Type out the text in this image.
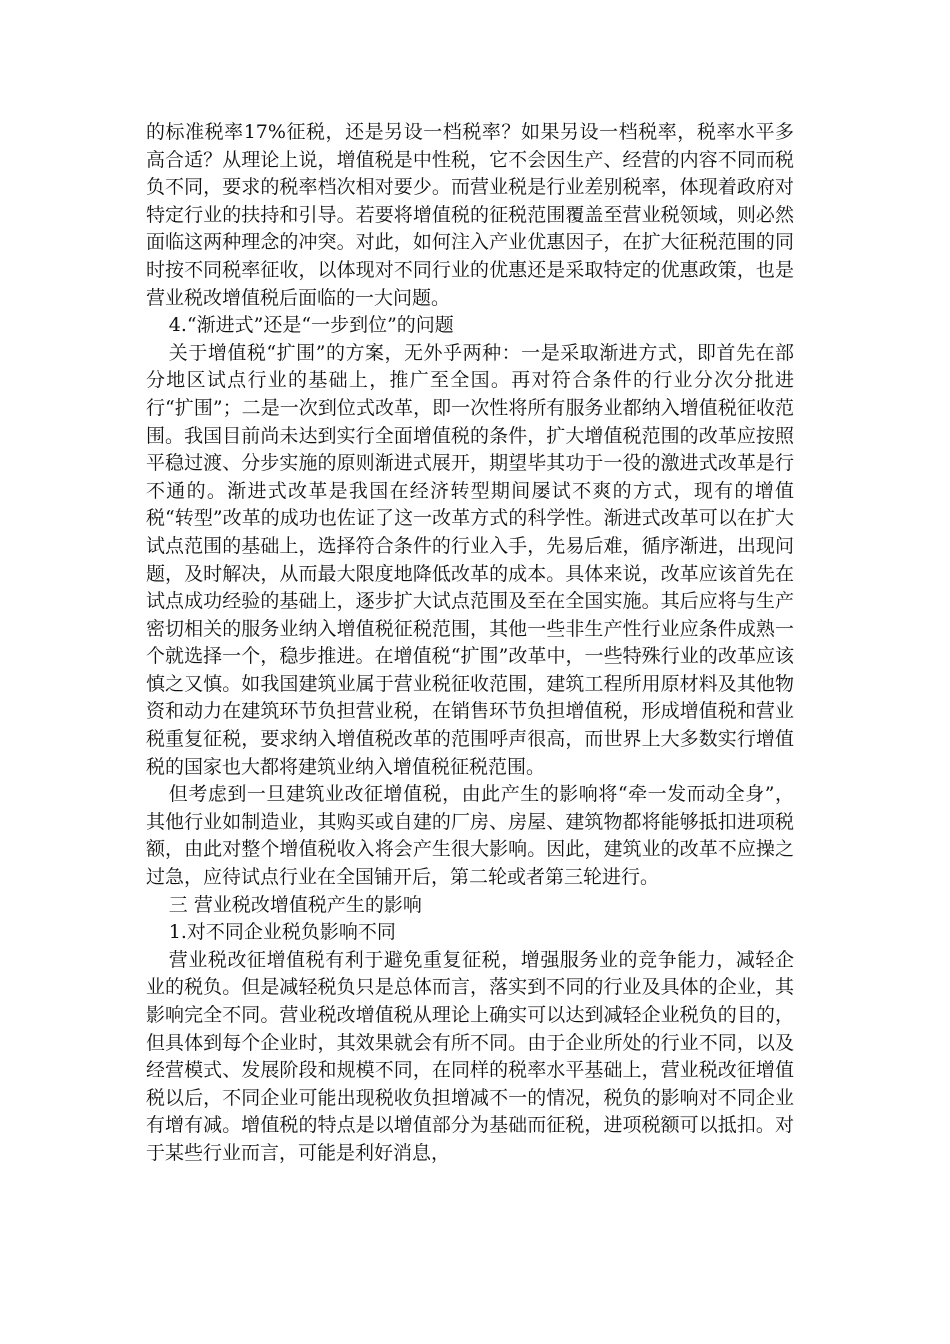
的标准税率17%征税，还是另设一档税率？如果另设一档税率，税率水平多高合适？从理论上说，增值税是中性税，它不会因生产、经营的内容不同而税负不同，要求的税率档次相对要少。而营业税是行业差别税率，体现着政府对特定行业的扶持和引导。若要将增值税的征税范围覆盖至营业税领域，则必然面临这两种理念的冲突。对此，如何注入产业优惠因子，在扩大征税范围的同时按不同税率征收，以体现对不同行业的优惠还是采取特定的优惠政策，也是营业税改增值税后面临的一大问题。

4.“渐进式”还是“一步到位”的问题

关于增值税“扩围”的方案，无外乎两种：一是采取渐进方式，即首先在部分地区试点行业的基础上，推广至全国。再对符合条件的行业分次分批进行“扩围”；二是一次到位式改革，即一次性将所有服务业都纳入增值税征收范围。我国目前尚未达到实行全面增值税的条件，扩大增值税范围的改革应按照平稳过渡、分步实施的原则渐进式展开，期望毕其功于一役的激进式改革是行不通的。渐进式改革是我国在经济转型期间屡试不爽的方式，现有的增值税“转型”改革的成功也佐证了这一改革方式的科学性。渐进式改革可以在扩大试点范围的基础上，选择符合条件的行业入手，先易后难，循序渐进，出现问题，及时解决，从而最大限度地降低改革的成本。具体来说，改革应该首先在试点成功经验的基础上，逐步扩大试点范围及至在全国实施。其后应将与生产密切相关的服务业纳入增值税征税范围，其他一些非生产性行业应条件成熟一个就选择一个，稳步推进。在增值税“扩围”改革中，一些特殊行业的改革应该慎之又慎。如我国建筑业属于营业税征收范围，建筑工程所用原材料及其他物资和动力在建筑环节负担营业税，在销售环节负担增值税，形成增值税和营业税重复征税，要求纳入增值税改革的范围呼声很高，而世界上大多数实行增值税的国家也大都将建筑业纳入增值税征税范围。

但考虑到一旦建筑业改征增值税，由此产生的影响将“牵一发而动全身”，其他行业如制造业，其购买或自建的厂房、房屋、建筑物都将能够抵扣进项税额，由此对整个增值税收入将会产生很大影响。因此，建筑业的改革不应操之过急，应待试点行业在全国铺开后，第二轮或者第三轮进行。

三 营业税改增值税产生的影响

1.对不同企业税负影响不同

营业税改征增值税有利于避免重复征税，增强服务业的竞争能力，减轻企业的税负。但是减轻税负只是总体而言，落实到不同的行业及具体的企业，其影响完全不同。营业税改增值税从理论上确实可以达到减轻企业税负的目的，但具体到每个企业时，其效果就会有所不同。由于企业所处的行业不同，以及经营模式、发展阶段和规模不同，在同样的税率水平基础上，营业税改征增值税以后，不同企业可能出现税收负担增减不一的情况，税负的影响对不同企业有增有减。增值税的特点是以增值部分为基础而征税，进项税额可以抵扣。对于某些行业而言，可能是利好消息，
